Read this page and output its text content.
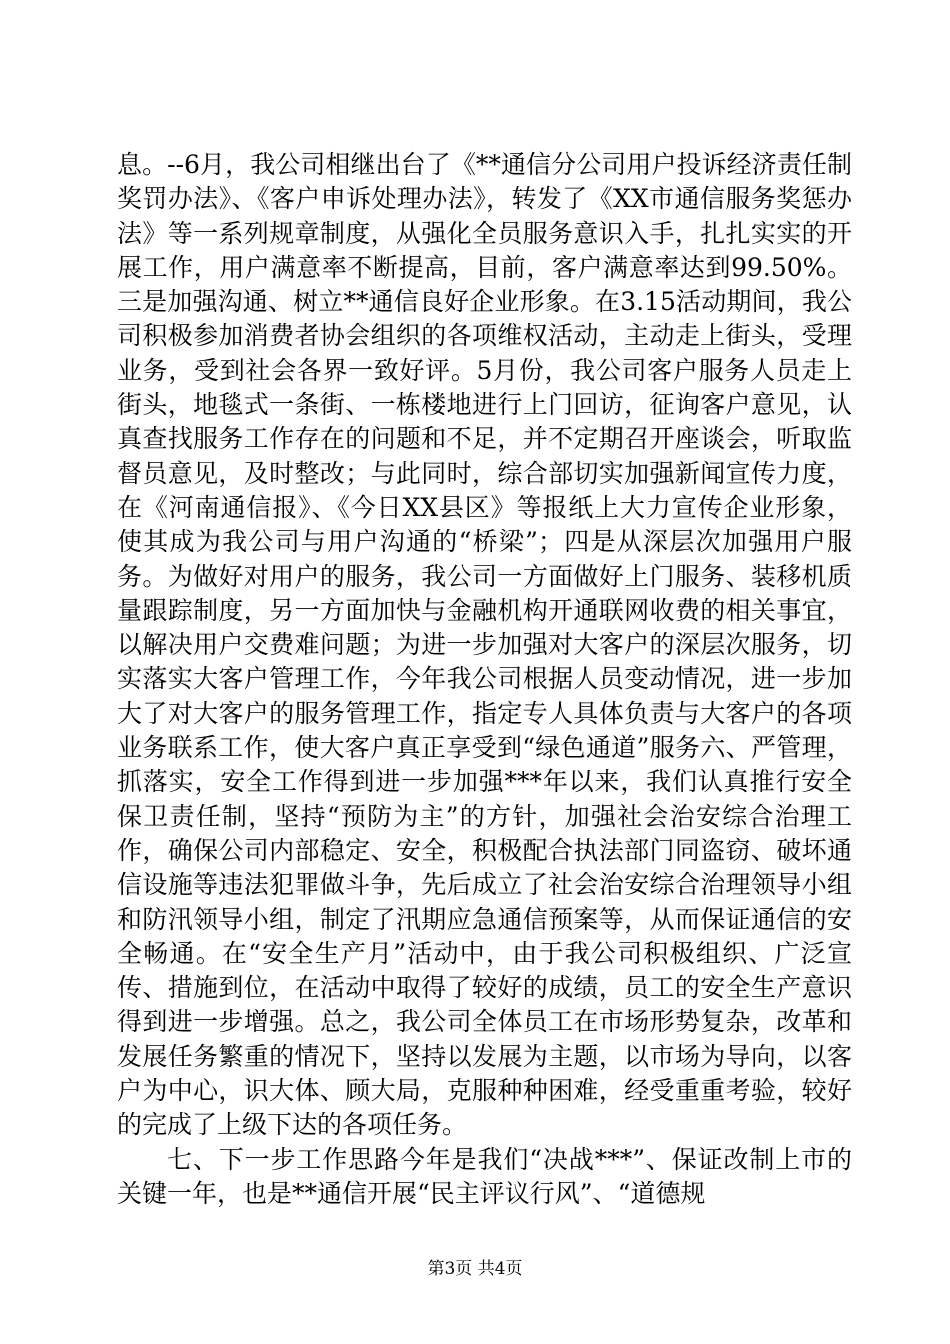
息。--6月，我公司相继出台了《**通信分公司用户投诉经济责任制奖罚办法》、《客户申诉处理办法》，转发了《XX市通信服务奖惩办法》等一系列规章制度，从强化全员服务意识入手，扎扎实实的开展工作，用户满意率不断提高，目前，客户满意率达到99.50%。三是加强沟通、树立**通信良好企业形象。在3.15活动期间，我公司积极参加消费者协会组织的各项维权活动，主动走上街头，受理业务，受到社会各界一致好评。5月份，我公司客户服务人员走上街头，地毯式一条街、一栋楼地进行上门回访，征询客户意见，认真查找服务工作存在的问题和不足，并不定期召开座谈会，听取监督员意见，及时整改；与此同时，综合部切实加强新闻宣传力度，在《河南通信报》、《今日XX县区》等报纸上大力宣传企业形象，使其成为我公司与用户沟通的“桥梁”；四是从深层次加强用户服务。为做好对用户的服务，我公司一方面做好上门服务、装移机质量跟踪制度，另一方面加快与金融机构开通联网收费的相关事宜，以解决用户交费难问题；为进一步加强对大客户的深层次服务，切实落实大客户管理工作，今年我公司根据人员变动情况，进一步加大了对大客户的服务管理工作，指定专人具体负责与大客户的各项业务联系工作，使大客户真正享受到“绿色通道”服务六、严管理，抓落实，安全工作得到进一步加强***年以来，我们认真推行安全保卫责任制，坚持“预防为主”的方针，加强社会治安综合治理工作，确保公司内部稳定、安全，积极配合执法部门同盗窃、破坏通信设施等违法犯罪做斗争，先后成立了社会治安综合治理领导小组和防汛领导小组，制定了汛期应急通信预案等，从而保证通信的安全畅通。在“安全生产月”活动中，由于我公司积极组织、广泛宣传、措施到位，在活动中取得了较好的成绩，员工的安全生产意识得到进一步增强。总之，我公司全体员工在市场形势复杂，改革和发展任务繁重的情况下，坚持以发展为主题，以市场为导向，以客户为中心，识大体、顾大局，克服种种困难，经受重重考验，较好的完成了上级下达的各项任务。

七、下一步工作思路今年是我们“决战***”、保证改制上市的关键一年，也是**通信开展“民主评议行风”、“道德规

第3页 共4页
